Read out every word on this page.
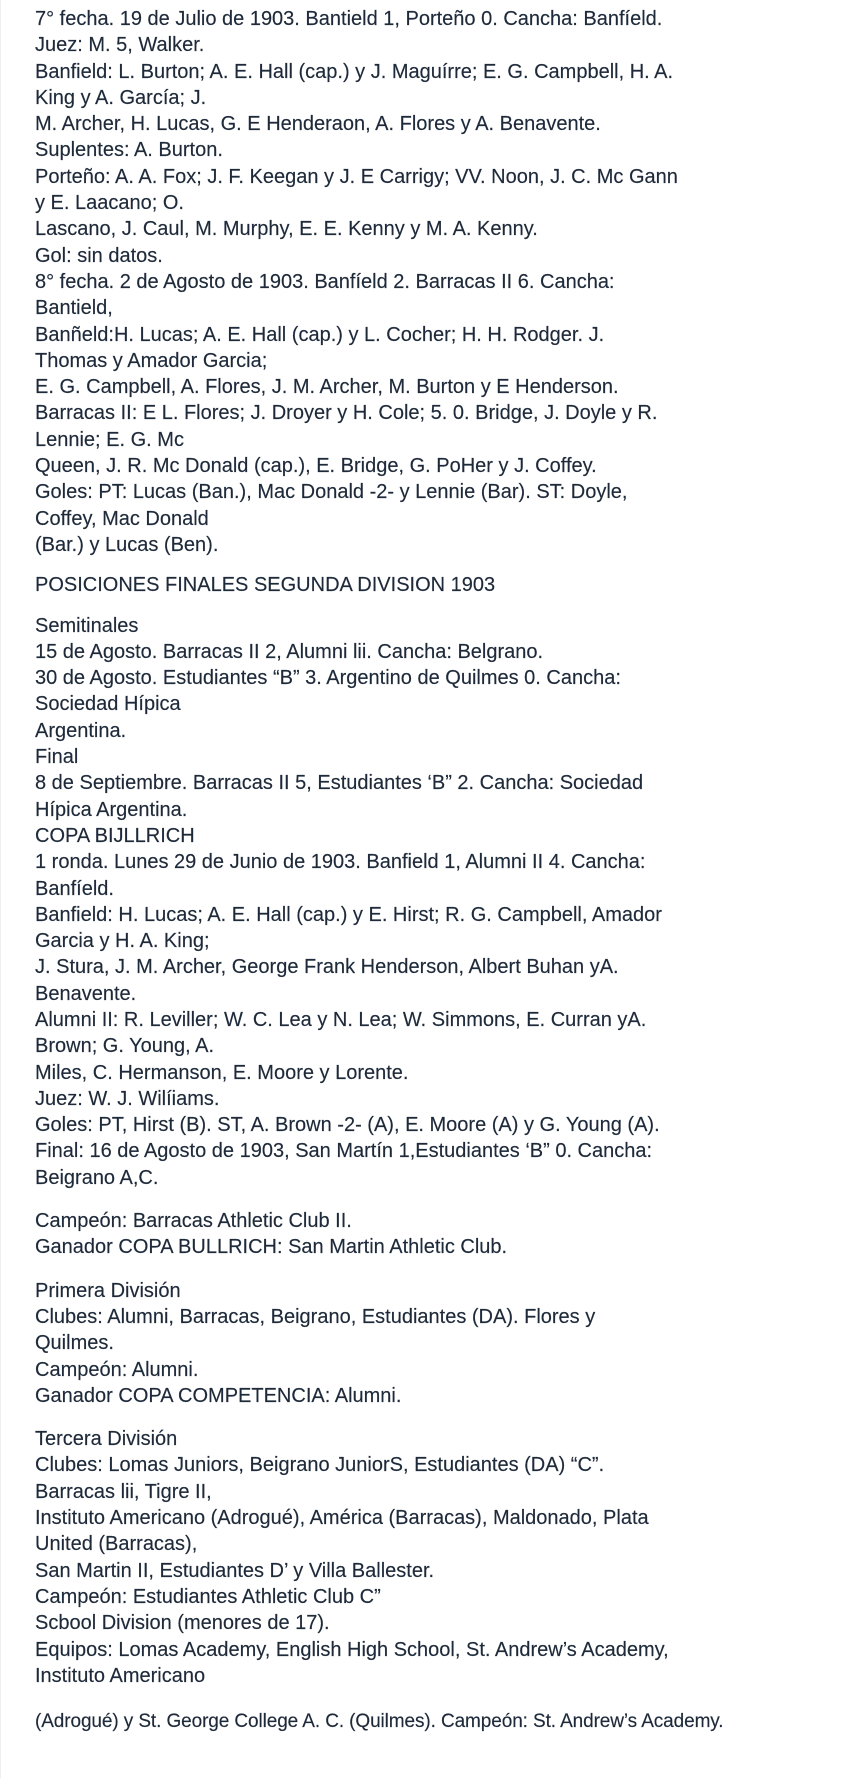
7° fecha. 19 de Julio de 1903. Bantield 1, Porteño 0. Cancha: Banfíeld.
Juez: M. 5, Walker.
Banfield: L. Burton; A. E. Hall (cap.) y J. Maguírre; E. G. Campbell, H. A.
King y A. García; J.
M. Archer, H. Lucas, G. E Henderaon, A. Flores y A. Benavente.
Suplentes: A. Burton.
Porteño: A. A. Fox; J. F. Keegan y J. E Carrigy; VV. Noon, J. C. Mc Gann
y E. Laacano; O.
Lascano, J. Caul, M. Murphy, E. E. Kenny y M. A. Kenny.
Gol: sin datos.
8° fecha. 2 de Agosto de 1903. Banfíeld 2. Barracas II 6. Cancha:
Bantield,
Banñeld:H. Lucas; A. E. Hall (cap.) y L. Cocher; H. H. Rodger. J.
Thomas y Amador Garcia;
E. G. Campbell, A. Flores, J. M. Archer, M. Burton y E Henderson.
Barracas II: E L. Flores; J. Droyer y H. Cole; 5. 0. Bridge, J. Doyle y R.
Lennie; E. G. Mc
Queen, J. R. Mc Donald (cap.), E. Bridge, G. PoHer y J. Coffey.
Goles: PT: Lucas (Ban.), Mac Donald -2- y Lennie (Bar). ST: Doyle,
Coffey, Mac Donald
(Bar.) y Lucas (Ben).
POSICIONES FINALES SEGUNDA DIVISION 1903
Semitinales
15 de Agosto. Barracas II 2, Alumni lii. Cancha: Belgrano.
30 de Agosto. Estudiantes “B” 3. Argentino de Quilmes 0. Cancha:
Sociedad Hípica
Argentina.
Final
8 de Septiembre. Barracas II 5, Estudiantes ‘B” 2. Cancha: Sociedad
Hípica Argentina.
COPA BIJLLRICH
1 ronda. Lunes 29 de Junio de 1903. Banfield 1, Alumni II 4. Cancha:
Banfíeld.
Banfield: H. Lucas; A. E. Hall (cap.) y E. Hirst; R. G. Campbell, Amador
Garcia y H. A. King;
J. Stura, J. M. Archer, George Frank Henderson, Albert Buhan yA.
Benavente.
Alumni II: R. Leviller; W. C. Lea y N. Lea; W. Simmons, E. Curran yA.
Brown; G. Young, A.
Miles, C. Hermanson, E. Moore y Lorente.
Juez: W. J. Wilíiams.
Goles: PT, Hirst (B). ST, A. Brown -2- (A), E. Moore (A) y G. Young (A).
Final: 16 de Agosto de 1903, San Martín 1,Estudiantes ‘B” 0. Cancha:
Beigrano A,C.
Campeón: Barracas Athletic Club II.
Ganador COPA BULLRICH: San Martin Athletic Club.
Primera División
Clubes: Alumni, Barracas, Beigrano, Estudiantes (DA). Flores y
Quilmes.
Campeón: Alumni.
Ganador COPA COMPETENCIA: Alumni.
Tercera División
Clubes: Lomas Juniors, Beigrano JuniorS, Estudiantes (DA) “C”.
Barracas lii, Tigre II,
Instituto Americano (Adrogué), América (Barracas), Maldonado, Plata
United (Barracas),
San Martin II, Estudiantes D’ y Villa Ballester.
Campeón: Estudiantes Athletic Club C”
Scbool Division (menores de 17).
Equipos: Lomas Academy, English High School, St. Andrew’s Academy,
Instituto Americano
(Adrogué) y St. George College A. C. (Quilmes). Campeón: St. Andrew’s Academy.
